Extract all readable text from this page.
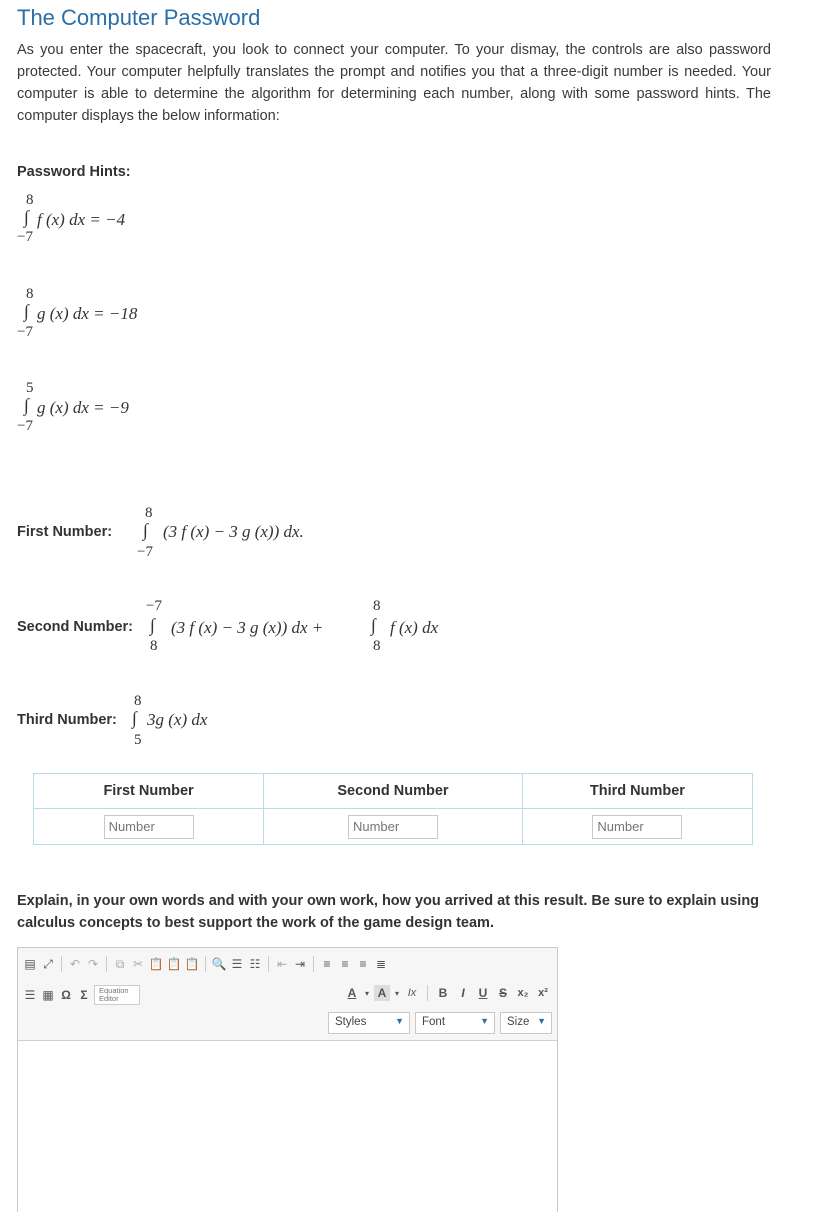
The Computer Password
As you enter the spacecraft, you look to connect your computer. To your dismay, the controls are also password protected. Your computer helpfully translates the prompt and notifies you that a three-digit number is needed. Your computer is able to determine the algorithm for determining each number, along with some password hints. The computer displays the below information:
Password Hints:
8
∫
−7
f (x) dx = −4
8
∫
−7
g (x) dx = −18
5
∫
−7
g (x) dx = −9
First Number:
8
∫
−7
(3 f (x) − 3 g (x)) dx.
Second Number:
−7
∫
8
(3 f (x) − 3 g (x)) dx +
8
∫
8
f (x) dx
Third Number:
8
∫
5
3g (x) dx
First Number	Second Number	Third Number
Number	Number	Number
Explain, in your own words and with your own work, how you arrived at this result. Be sure to explain using calculus concepts to best support the work of the game design team.
▤ ⤢ ↶ ↷	⧉ ✂ 📋 📋 📋 🔍 ☰ ☷ ⇤ ⇥	≡ ≡ ≡ ≣
☰ ▦ Ω Σ	Equation
Editor	A	▾ A	▾ Ix	B	I	U S x₂ x²
Styles	▼	Font	▼	Size ▼
